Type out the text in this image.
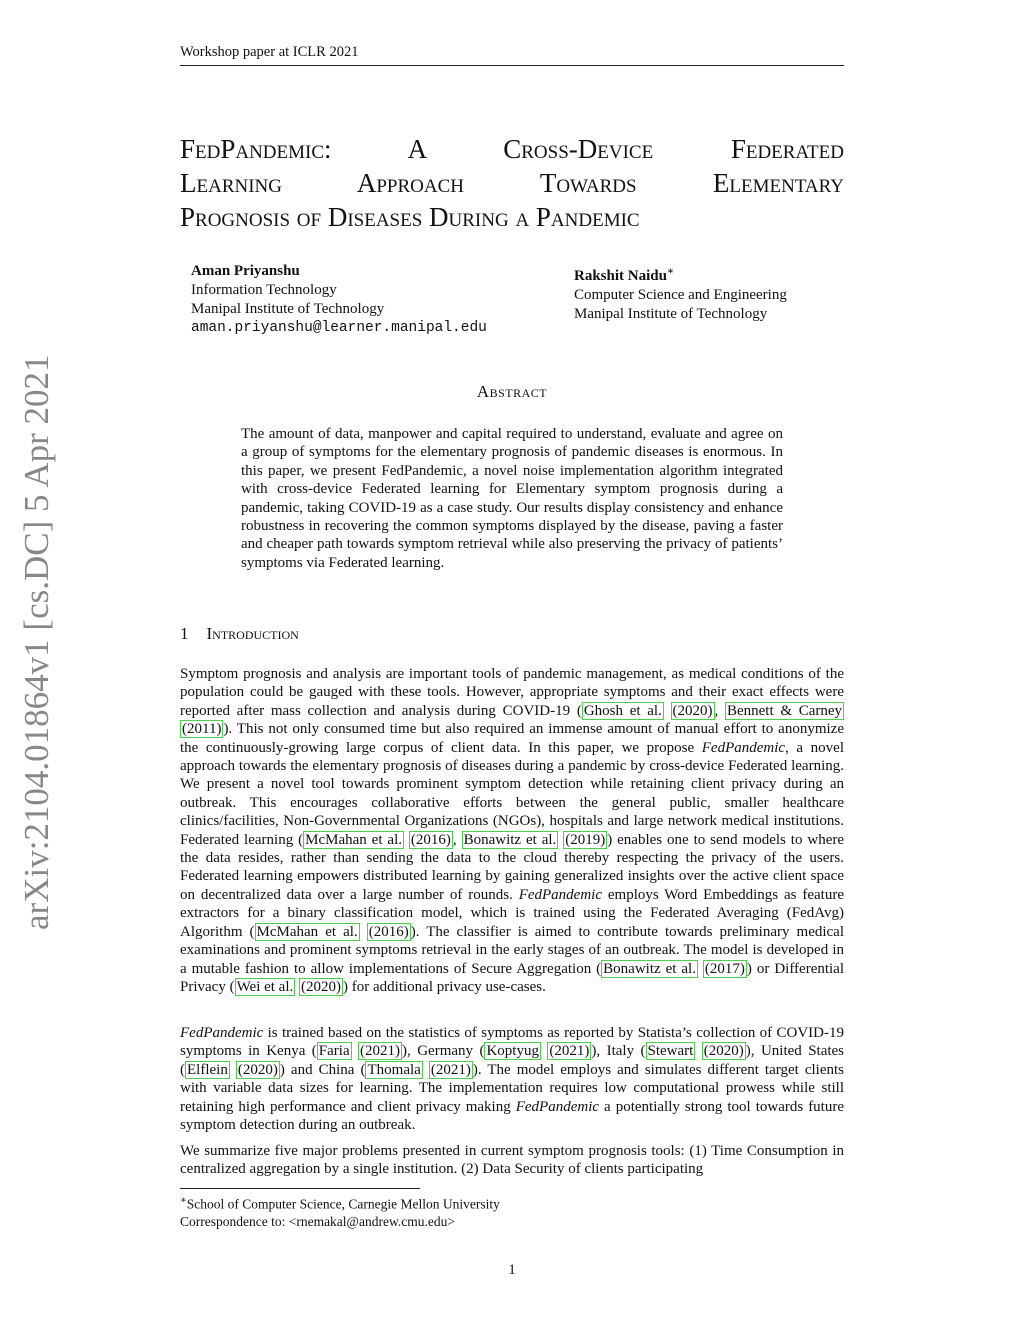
Workshop paper at ICLR 2021
arXiv:2104.01864v1 [cs.DC] 5 Apr 2021
FedPandemic: A Cross-Device Federated
Learning Approach Towards Elementary
Prognosis of Diseases During a Pandemic
Aman Priyanshu
Information Technology
Manipal Institute of Technology
aman.priyanshu@learner.manipal.edu
Rakshit Naidu∗
Computer Science and Engineering
Manipal Institute of Technology
Abstract
The amount of data, manpower and capital required to understand, evaluate and agree on a group of symptoms for the elementary prognosis of pandemic diseases is enormous. In this paper, we present FedPandemic, a novel noise implementation algorithm integrated with cross-device Federated learning for Elementary symptom prognosis during a pandemic, taking COVID-19 as a case study. Our results display consistency and enhance robustness in recovering the common symptoms displayed by the disease, paving a faster and cheaper path towards symptom retrieval while also preserving the privacy of patients’ symptoms via Federated learning.
1 Introduction
Symptom prognosis and analysis are important tools of pandemic management, as medical conditions of the population could be gauged with these tools. However, appropriate symptoms and their exact effects were reported after mass collection and analysis during COVID-19 ( Ghosh et al. (2020) , Bennett & Carney (2011) ). This not only consumed time but also required an immense amount of manual effort to anonymize the continuously-growing large corpus of client data. In this paper, we propose FedPandemic, a novel approach towards the elementary prognosis of diseases during a pandemic by cross-device Federated learning. We present a novel tool towards prominent symptom detection while retaining client privacy during an outbreak. This encourages collaborative efforts between the general public, smaller healthcare clinics/facilities, Non-Governmental Organizations (NGOs), hospitals and large network medical institutions. Federated learning ( McMahan et al. (2016) , Bonawitz et al. (2019) ) enables one to send models to where the data resides, rather than sending the data to the cloud thereby respecting the privacy of the users. Federated learning empowers distributed learning by gaining generalized insights over the active client space on decentralized data over a large number of rounds. FedPandemic employs Word Embeddings as feature extractors for a binary classification model, which is trained using the Federated Averaging (FedAvg) Algorithm ( McMahan et al. (2016) ). The classifier is aimed to contribute towards preliminary medical examinations and prominent symptoms retrieval in the early stages of an outbreak. The model is developed in a mutable fashion to allow implementations of Secure Aggregation ( Bonawitz et al. (2017) ) or Differential Privacy ( Wei et al. (2020) ) for additional privacy use-cases.
FedPandemic is trained based on the statistics of symptoms as reported by Statista’s collection of COVID-19 symptoms in Kenya ( Faria (2021) ), Germany ( Koptyug (2021) ), Italy ( Stewart (2020) ), United States ( Elflein (2020) ) and China ( Thomala (2021) ). The model employs and simulates different target clients with variable data sizes for learning. The implementation requires low computational prowess while still retaining high performance and client privacy making FedPandemic a potentially strong tool towards future symptom detection during an outbreak.
We summarize five major problems presented in current symptom prognosis tools: (1) Time Consumption in centralized aggregation by a single institution. (2) Data Security of clients participating
∗School of Computer Science, Carnegie Mellon University
Correspondence to: <rnemakal@andrew.cmu.edu>
1
